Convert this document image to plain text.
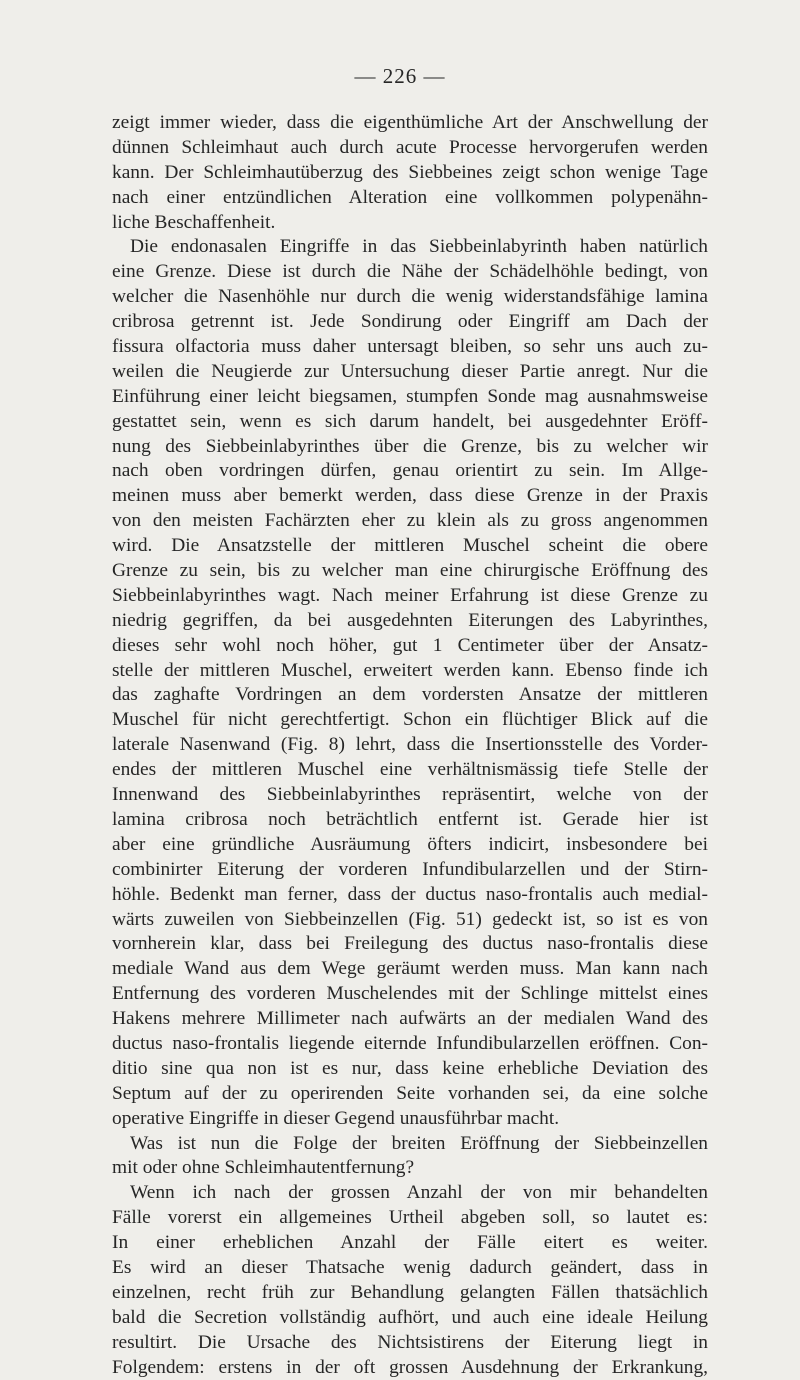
— 226 —
zeigt immer wieder, dass die eigenthümliche Art der Anschwellung der
dünnen Schleimhaut auch durch acute Processe hervorgerufen werden
kann. Der Schleimhautüberzug des Siebbeines zeigt schon wenige Tage
nach einer entzündlichen Alteration eine vollkommen polypenähn-
liche Beschaffenheit.
Die endonasalen Eingriffe in das Siebbeinlabyrinth haben natürlich
eine Grenze. Diese ist durch die Nähe der Schädelhöhle bedingt, von
welcher die Nasenhöhle nur durch die wenig widerstandsfähige lamina
cribrosa getrennt ist. Jede Sondirung oder Eingriff am Dach der
fissura olfactoria muss daher untersagt bleiben, so sehr uns auch zu-
weilen die Neugierde zur Untersuchung dieser Partie anregt. Nur die
Einführung einer leicht biegsamen, stumpfen Sonde mag ausnahmsweise
gestattet sein, wenn es sich darum handelt, bei ausgedehnter Eröff-
nung des Siebbeinlabyrinthes über die Grenze, bis zu welcher wir
nach oben vordringen dürfen, genau orientirt zu sein. Im Allge-
meinen muss aber bemerkt werden, dass diese Grenze in der Praxis
von den meisten Fachärzten eher zu klein als zu gross angenommen
wird. Die Ansatzstelle der mittleren Muschel scheint die obere
Grenze zu sein, bis zu welcher man eine chirurgische Eröffnung des
Siebbeinlabyrinthes wagt. Nach meiner Erfahrung ist diese Grenze zu
niedrig gegriffen, da bei ausgedehnten Eiterungen des Labyrinthes,
dieses sehr wohl noch höher, gut 1 Centimeter über der Ansatz-
stelle der mittleren Muschel, erweitert werden kann. Ebenso finde ich
das zaghafte Vordringen an dem vordersten Ansatze der mittleren
Muschel für nicht gerechtfertigt. Schon ein flüchtiger Blick auf die
laterale Nasenwand (Fig. 8) lehrt, dass die Insertionsstelle des Vorder-
endes der mittleren Muschel eine verhältnismässig tiefe Stelle der
Innenwand des Siebbeinlabyrinthes repräsentirt, welche von der
lamina cribrosa noch beträchtlich entfernt ist. Gerade hier ist
aber eine gründliche Ausräumung öfters indicirt, insbesondere bei
combinirter Eiterung der vorderen Infundibularzellen und der Stirn-
höhle. Bedenkt man ferner, dass der ductus naso-frontalis auch medial-
wärts zuweilen von Siebbeinzellen (Fig. 51) gedeckt ist, so ist es von
vornherein klar, dass bei Freilegung des ductus naso-frontalis diese
mediale Wand aus dem Wege geräumt werden muss. Man kann nach
Entfernung des vorderen Muschelendes mit der Schlinge mittelst eines
Hakens mehrere Millimeter nach aufwärts an der medialen Wand des
ductus naso-frontalis liegende eiternde Infundibularzellen eröffnen. Con-
ditio sine qua non ist es nur, dass keine erhebliche Deviation des
Septum auf der zu operirenden Seite vorhanden sei, da eine solche
operative Eingriffe in dieser Gegend unausführbar macht.
Was ist nun die Folge der breiten Eröffnung der Siebbeinzellen
mit oder ohne Schleimhautentfernung?
Wenn ich nach der grossen Anzahl der von mir behandelten
Fälle vorerst ein allgemeines Urtheil abgeben soll, so lautet es:
In einer erheblichen Anzahl der Fälle eitert es weiter.
Es wird an dieser Thatsache wenig dadurch geändert, dass in
einzelnen, recht früh zur Behandlung gelangten Fällen thatsächlich
bald die Secretion vollständig aufhört, und auch eine ideale Heilung
resultirt. Die Ursache des Nichtsistirens der Eiterung liegt in
Folgendem: erstens in der oft grossen Ausdehnung der Erkrankung,
